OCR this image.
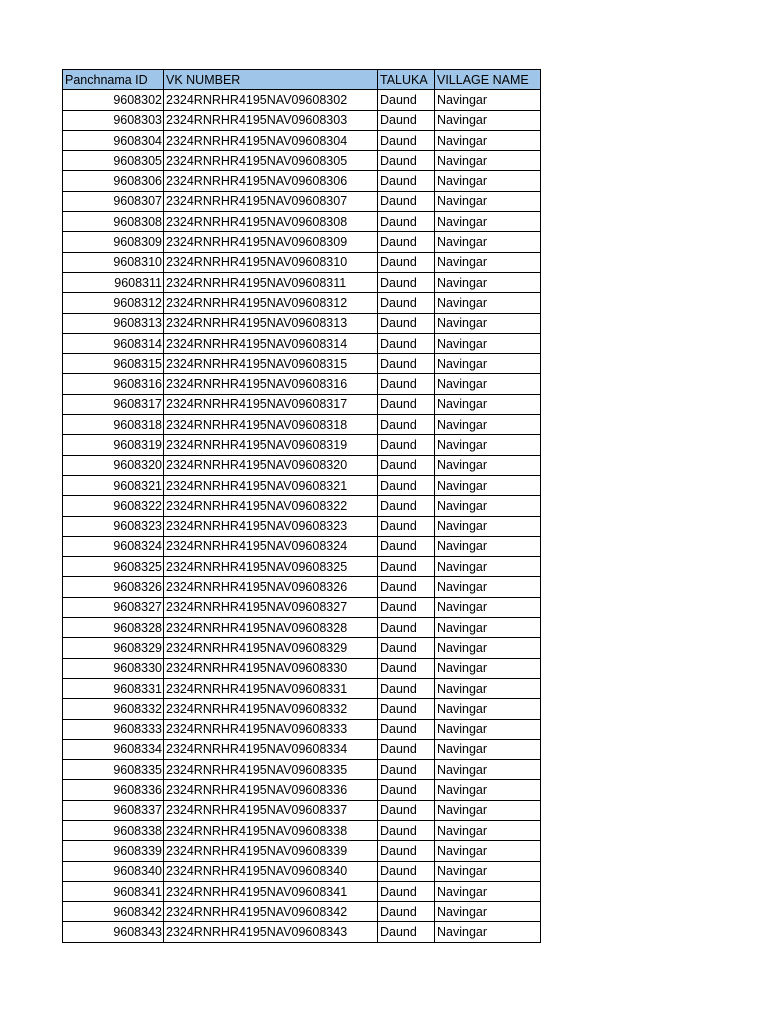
Panchnama ID	VK NUMBER	TALUKA	VILLAGE NAME
9608302	2324RNRHR4195NAV09608302	Daund	Navingar
9608303	2324RNRHR4195NAV09608303	Daund	Navingar
9608304	2324RNRHR4195NAV09608304	Daund	Navingar
9608305	2324RNRHR4195NAV09608305	Daund	Navingar
9608306	2324RNRHR4195NAV09608306	Daund	Navingar
9608307	2324RNRHR4195NAV09608307	Daund	Navingar
9608308	2324RNRHR4195NAV09608308	Daund	Navingar
9608309	2324RNRHR4195NAV09608309	Daund	Navingar
9608310	2324RNRHR4195NAV09608310	Daund	Navingar
9608311	2324RNRHR4195NAV09608311	Daund	Navingar
9608312	2324RNRHR4195NAV09608312	Daund	Navingar
9608313	2324RNRHR4195NAV09608313	Daund	Navingar
9608314	2324RNRHR4195NAV09608314	Daund	Navingar
9608315	2324RNRHR4195NAV09608315	Daund	Navingar
9608316	2324RNRHR4195NAV09608316	Daund	Navingar
9608317	2324RNRHR4195NAV09608317	Daund	Navingar
9608318	2324RNRHR4195NAV09608318	Daund	Navingar
9608319	2324RNRHR4195NAV09608319	Daund	Navingar
9608320	2324RNRHR4195NAV09608320	Daund	Navingar
9608321	2324RNRHR4195NAV09608321	Daund	Navingar
9608322	2324RNRHR4195NAV09608322	Daund	Navingar
9608323	2324RNRHR4195NAV09608323	Daund	Navingar
9608324	2324RNRHR4195NAV09608324	Daund	Navingar
9608325	2324RNRHR4195NAV09608325	Daund	Navingar
9608326	2324RNRHR4195NAV09608326	Daund	Navingar
9608327	2324RNRHR4195NAV09608327	Daund	Navingar
9608328	2324RNRHR4195NAV09608328	Daund	Navingar
9608329	2324RNRHR4195NAV09608329	Daund	Navingar
9608330	2324RNRHR4195NAV09608330	Daund	Navingar
9608331	2324RNRHR4195NAV09608331	Daund	Navingar
9608332	2324RNRHR4195NAV09608332	Daund	Navingar
9608333	2324RNRHR4195NAV09608333	Daund	Navingar
9608334	2324RNRHR4195NAV09608334	Daund	Navingar
9608335	2324RNRHR4195NAV09608335	Daund	Navingar
9608336	2324RNRHR4195NAV09608336	Daund	Navingar
9608337	2324RNRHR4195NAV09608337	Daund	Navingar
9608338	2324RNRHR4195NAV09608338	Daund	Navingar
9608339	2324RNRHR4195NAV09608339	Daund	Navingar
9608340	2324RNRHR4195NAV09608340	Daund	Navingar
9608341	2324RNRHR4195NAV09608341	Daund	Navingar
9608342	2324RNRHR4195NAV09608342	Daund	Navingar
9608343	2324RNRHR4195NAV09608343	Daund	Navingar
